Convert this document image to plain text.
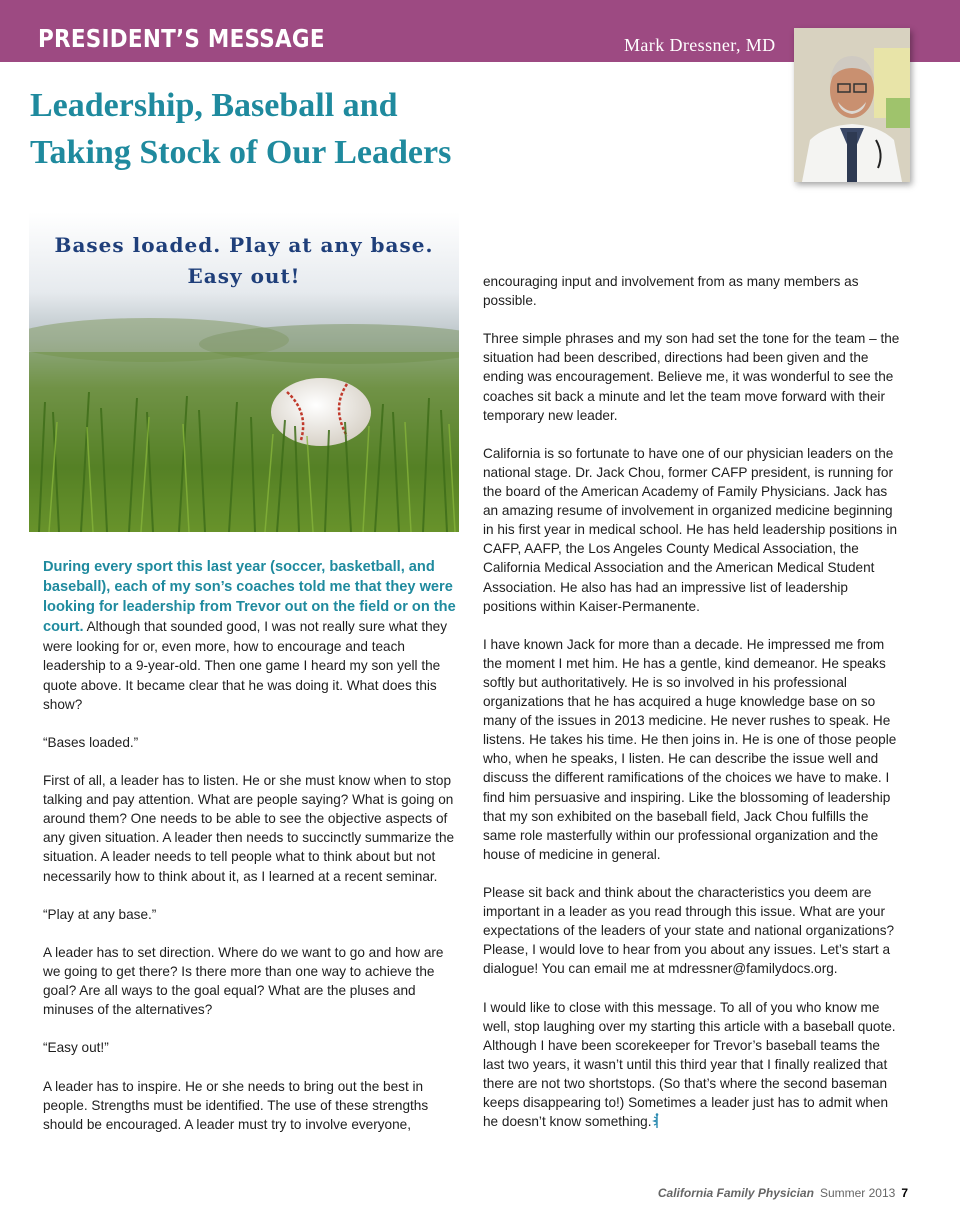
PRESIDENT’S MESSAGE	Mark Dressner, MD
Leadership, Baseball and
Taking Stock of Our Leaders
Bases loaded. Play at any base.
Easy out!

During every sport this last year (soccer, basketball, and baseball), each of my son’s coaches told me that they were looking for leadership from Trevor out on the field or on the court. Although that sounded good, I was not really sure what they were looking for or, even more, how to encourage and teach leadership to a 9-year-old. Then one game I heard my son yell the quote above. It became clear that he was doing it. What does this show?

“Bases loaded.”

First of all, a leader has to listen. He or she must know when to stop talking and pay attention. What are people saying? What is going on around them? One needs to be able to see the objective aspects of any given situation. A leader then needs to succinctly summarize the situation. A leader needs to tell people what to think about but not necessarily how to think about it, as I learned at a recent seminar.

“Play at any base.”

A leader has to set direction. Where do we want to go and how are we going to get there? Is there more than one way to achieve the goal? Are all ways to the goal equal? What are the pluses and minuses of the alternatives?

“Easy out!”

A leader has to inspire. He or she needs to bring out the best in people. Strengths must be identified. The use of these strengths should be encouraged. A leader must try to involve everyone,

encouraging input and involvement from as many members as possible.

Three simple phrases and my son had set the tone for the team – the situation had been described, directions had been given and the ending was encouragement. Believe me, it was wonderful to see the coaches sit back a minute and let the team move forward with their temporary new leader.

California is so fortunate to have one of our physician leaders on the national stage. Dr. Jack Chou, former CAFP president, is running for the board of the American Academy of Family Physicians. Jack has an amazing resume of involvement in organized medicine beginning in his first year in medical school. He has held leadership positions in CAFP, AAFP, the Los Angeles County Medical Association, the California Medical Association and the American Medical Student Association. He also has had an impressive list of leadership positions within Kaiser-Permanente.

I have known Jack for more than a decade. He impressed me from the moment I met him. He has a gentle, kind demeanor. He speaks softly but authoritatively. He is so involved in his professional organizations that he has acquired a huge knowledge base on so many of the issues in 2013 medicine. He never rushes to speak. He listens. He takes his time. He then joins in. He is one of those people who, when he speaks, I listen. He can describe the issue well and discuss the different ramifications of the choices we have to make. I find him persuasive and inspiring. Like the blossoming of leadership that my son exhibited on the baseball field, Jack Chou fulfills the same role masterfully within our professional organization and the house of medicine in general.

Please sit back and think about the characteristics you deem are important in a leader as you read through this issue. What are your expectations of the leaders of your state and national organizations? Please, I would love to hear from you about any issues. Let’s start a dialogue! You can email me at mdressner@familydocs.org.

I would like to close with this message. To all of you who know me well, stop laughing over my starting this article with a baseball quote. Although I have been scorekeeper for Trevor’s baseball teams the last two years, it wasn’t until this third year that I finally realized that there are not two shortstops. (So that’s where the second baseman keeps disappearing to!) Sometimes a leader just has to admit when he doesn’t know something.

California Family Physician Summer 2013 7
